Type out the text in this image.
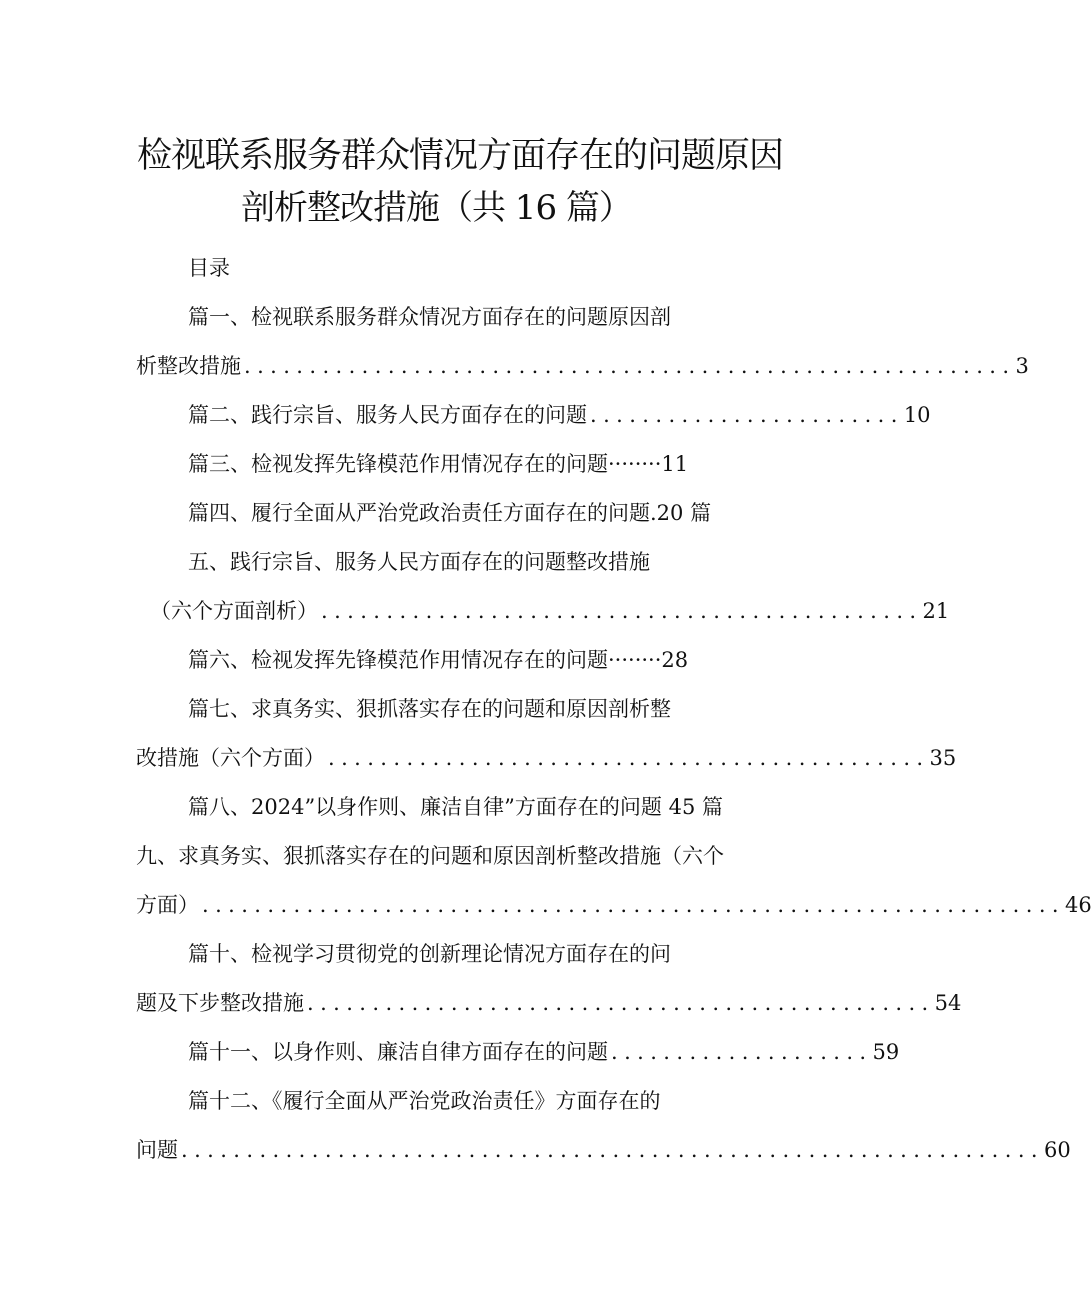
检视联系服务群众情况方面存在的问题原因
剖析整改措施（共 16 篇）
目录
篇一、检视联系服务群众情况方面存在的问题原因剖
析整改措施 ........................................................... 3
篇二、践行宗旨、服务人民方面存在的问题 ........................ 10
篇三、检视发挥先锋模范作用情况存在的问题········11
篇四、履行全面从严治党政治责任方面存在的问题.20 篇
五、践行宗旨、服务人民方面存在的问题整改措施
（六个方面剖析） .............................................. 21
篇六、检视发挥先锋模范作用情况存在的问题········28
篇七、求真务实、狠抓落实存在的问题和原因剖析整
改措施（六个方面） .............................................. 35
篇八、2024”以身作则、廉洁自律”方面存在的问题 45 篇
九、求真务实、狠抓落实存在的问题和原因剖析整改措施（六个
方面） .................................................................. 46
篇十、检视学习贯彻党的创新理论情况方面存在的问
题及下步整改措施 ................................................ 54
篇十一、以身作则、廉洁自律方面存在的问题 .................... 59
篇十二、《履行全面从严治党政治责任》方面存在的
问题 .................................................................. 60
